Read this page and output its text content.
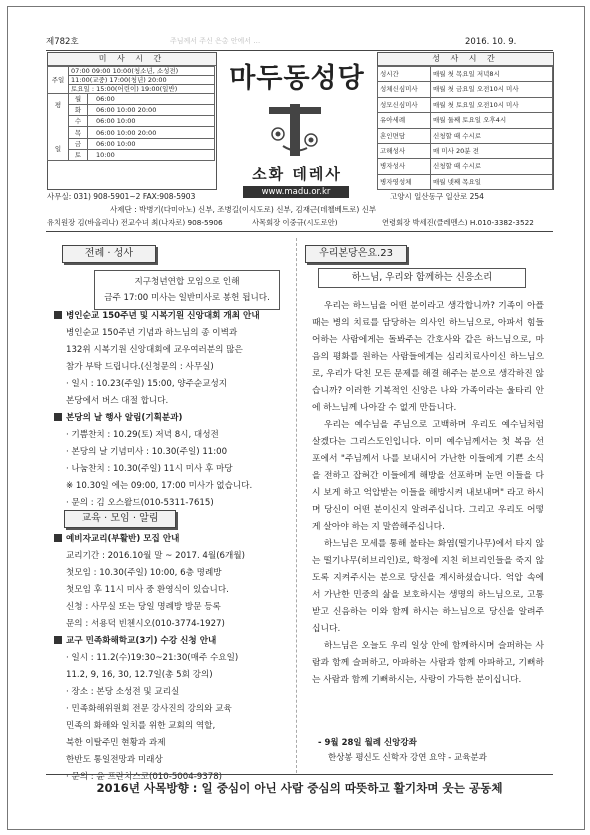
제782호	주님께서 주신 은총 안에서 …	2016. 10. 9.
미 사 시 간
주일	07:00 09:00 10:00(청소년, 소성전)
11:00(교중) 17:00(청년) 20:00
토요일 : 15:00(어린이) 19:00(일반)
평

일	월	06:00
	화	06:00 10:00 20:00
	수	06:00 10:00
	목	06:00 10:00 20:00
	금	06:00 10:00
	토	10:00
마두동성당
소화 데레사
www.madu.or.kr
성 사 시 간
성시간	매월 첫 목요일 저녁8시
성체신심미사	매월 첫 금요일 오전10시 미사
성모신심미사	매월 첫 토요일 오전10시 미사
유아세례	매월 둘째 토요일 오후4시
혼인면담	신청할 때 수시로
고해성사	매 미사 20분 전
병자성사	신청할 때 수시로
병자영성체	매월 넷째 목요일
사무실: 031) 908-5901~2 FAX:908-5903	고양시 일산동구 일산로 254
사제단 : 박병기(다미아노) 신부, 조병길(이시도로) 신부, 김재근(데첼베트로) 신부
유치원장 김(바올리나) 전교수녀 최(나자로) 908-5906	사목회장 이중규(시도로안)	연령회장 박세진(클레멘스) H.010-3382-3522
전례 · 성사
지구청년연합 모임으로 인해
금주 17:00 미사는 일반미사로 봉헌 됩니다.
병인순교 150주년 및 시복기원 신앙대회 개최 안내
병인순교 150주년 기념과 하느님의 종 이벽과
132위 시복기원 신앙대회에 교우여러분의 많은
참가 부탁 드립니다.(신청문의 : 사무실)
· 일시 : 10.23(주일) 15:00, 양주순교성지
본당에서 버스 대절 합니다.
본당의 날 행사 알림(기획분과)
· 기쁨찬치 : 10.29(토) 저녁 8시, 대성전
· 본당의 날 기념미사 : 10.30(주일) 11:00
· 나눔찬치 : 10.30(주일) 11시 미사 후 마당
※ 10.30일 에는 09:00, 17:00 미사가 없습니다.
· 문의 : 김 오스왈드(010-5311-7615)
교육 · 모임 · 알림
예비자교리(부활반) 모집 안내
교리기간 : 2016.10월 말 ~ 2017. 4월(6개월)
첫모임 : 10.30(주일) 10:00, 6층 명례방
첫모임 후 11시 미사 중 환영식이 있습니다.
신청 : 사무실 또는 당일 명례방 방문 등록
문의 : 서용덕 빈첸시오(010-3774-1927)
교구 민족화해학교(3기) 수강 신청 안내
· 일시 : 11.2(수)19:30~21:30(매주 수요일)
11.2, 9, 16, 30, 12.7일(총 5회 강의)
· 장소 : 본당 소성전 및 교리실
· 민족화해위원회 전문 강사진의 강의와 교육
민족의 화해와 일치를 위한 교회의 역할,
북한 이탈주민 현황과 과제
한반도 통일전망과 미래상
· 문의 : 윤 프란치스코(010-5004-9378)
우리본당은요.23
하느님, 우리와 함께하는 신응소리

우리는 하느님을 어떤 분이라고 생각합니까? 기족이 아플 때는 병의 치료를 담당하는 의사인 하느님으로, 아파서 힘들어하는 사람에게는 돌봐주는 간호사와 같은 하느님으로, 마음의 평화를 원하는 사람들에게는 심리치료사이신 하느님으로, 우리가 닥친 모든 문제를 해결 해주는 분으로 생각하진 않습니까? 이러한 기복적인 신앙은 나와 가족이라는 울타리 안에 하느님께 나아갈 수 없게 만듭니다.

우리는 예수님을 주님으로 고백하며 우리도 예수님처럼 살겠다는 그리스도인입니다. 이미 예수님께서는 첫 복음 선포에서 "주님께서 나를 보내시어 가난한 이들에게 기쁜 소식을 전하고 잡혀간 이들에게 해방을 선포하며 눈먼 이들을 다시 보게 하고 억압받는 이들을 해방시켜 내보내며" 라고 하시며 당신이 어떤 분이신지 알려주십니다. 그리고 우리도 어떻게 살아야 하는 지 말씀해주십니다.

하느님은 모세를 통해 불타는 화염(떨기나무)에서 타지 않는 떨기나무(히브리인)로, 학정에 지친 히브리인들을 죽지 않도록 지켜주시는 분으로 당신을 계시하셨습니다. 억압 속에서 가난한 민중의 삶을 보호하시는 생명의 하느님으로, 고통받고 신음하는 이와 함께 하시는 하느님으로 당신을 알려주십니다.

하느님은 오늘도 우리 일상 안에 함께하시며 슬퍼하는 사람과 함께 슬퍼하고, 아파하는 사람과 함께 아파하고, 기뻐하는 사람과 함께 기뻐하시는, 사랑이 가득한 분이십니다.

- 9월 28일 월례 신앙강좌
한상봉 평신도 신학자 강연 요약 - 교육분과
2016년 사목방향 : 일 중심이 아닌 사람 중심의 따뜻하고 활기차며 웃는 공동체
